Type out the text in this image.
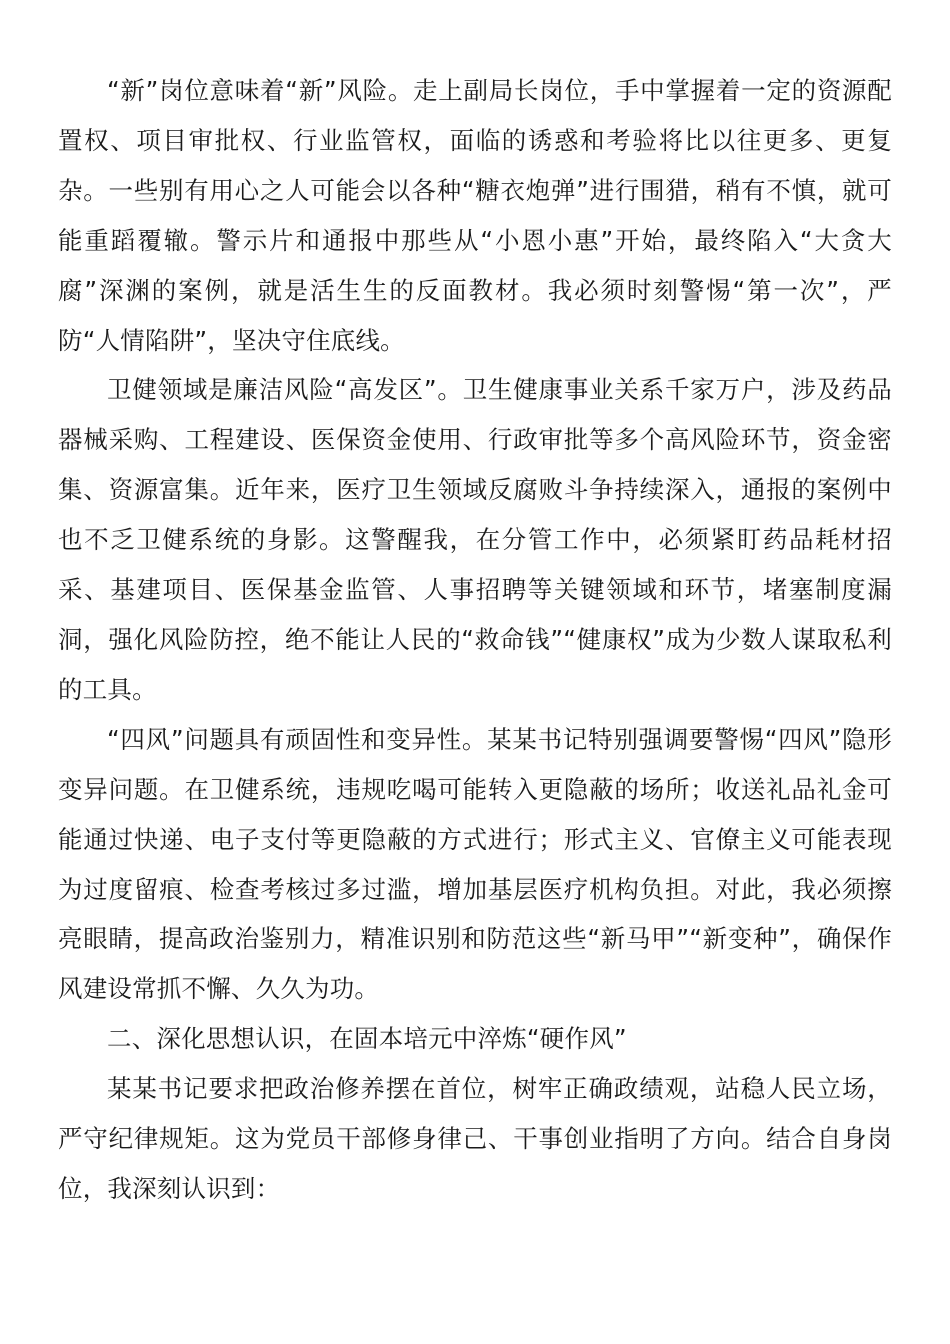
“新”岗位意味着“新”风险。走上副局长岗位，手中掌握着一定的资源配置权、项目审批权、行业监管权，面临的诱惑和考验将比以往更多、更复杂。一些别有用心之人可能会以各种“糖衣炮弹”进行围猎，稍有不慎，就可能重蹈覆辙。警示片和通报中那些从“小恩小惠”开始，最终陷入“大贪大腐”深渊的案例，就是活生生的反面教材。我必须时刻警惕“第一次”，严防“人情陷阱”，坚决守住底线。

卫健领域是廉洁风险“高发区”。卫生健康事业关系千家万户，涉及药品器械采购、工程建设、医保资金使用、行政审批等多个高风险环节，资金密集、资源富集。近年来，医疗卫生领域反腐败斗争持续深入，通报的案例中也不乏卫健系统的身影。这警醒我，在分管工作中，必须紧盯药品耗材招采、基建项目、医保基金监管、人事招聘等关键领域和环节，堵塞制度漏洞，强化风险防控，绝不能让人民的“救命钱”“健康权”成为少数人谋取私利的工具。

“四风”问题具有顽固性和变异性。某某书记特别强调要警惕“四风”隐形变异问题。在卫健系统，违规吃喝可能转入更隐蔽的场所；收送礼品礼金可能通过快递、电子支付等更隐蔽的方式进行；形式主义、官僚主义可能表现为过度留痕、检查考核过多过滥，增加基层医疗机构负担。对此，我必须擦亮眼睛，提高政治鉴别力，精准识别和防范这些“新马甲”“新变种”，确保作风建设常抓不懈、久久为功。

二、深化思想认识，在固本培元中淬炼“硬作风”

某某书记要求把政治修养摆在首位，树牢正确政绩观，站稳人民立场，严守纪律规矩。这为党员干部修身律己、干事创业指明了方向。结合自身岗位，我深刻认识到：
